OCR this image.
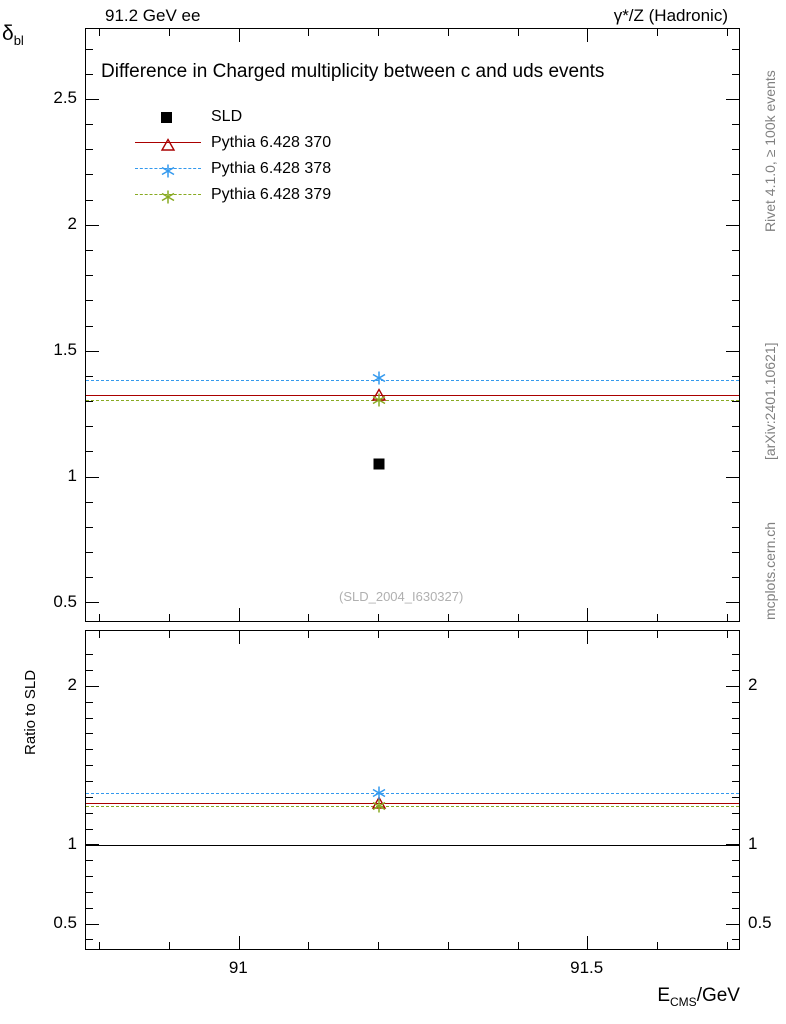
91.2 GeV ee	γ*/Z (Hadronic)
$\delta_{bl}$
Difference in Charged multiplicity between c and uds events
(SLD_2004_I630327)
SLD
Pythia 6.428 370
Pythia 6.428 378
Pythia 6.428 379
0.5
1
1.5
2
2.5
0.5
1
2
0.5
1
2
91	91.5
Ratio to SLD
$E_{CMS}$/GeV
Rivet 4.1.0, ≥ 100k events
[arXiv:2401.10621]
mcplots.cern.ch
